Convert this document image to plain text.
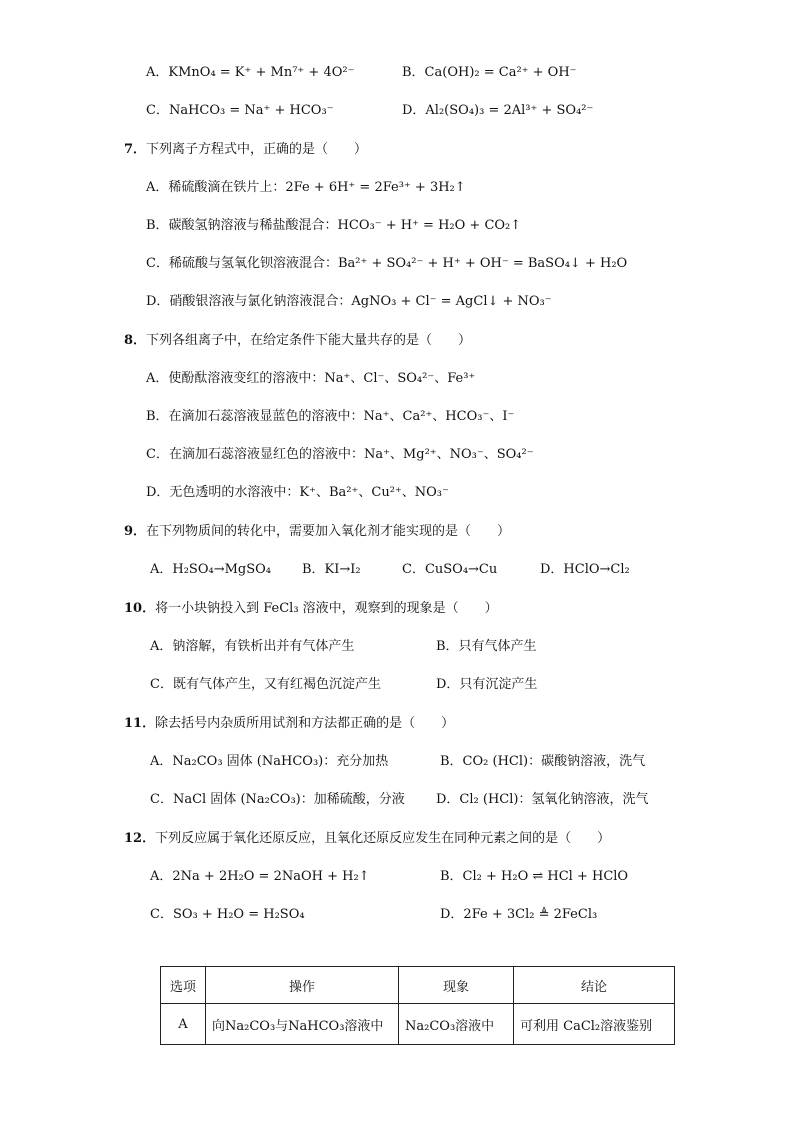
A．KMnO₄ = K⁺ + Mn⁷⁺ + 4O²⁻	B．Ca(OH)₂ = Ca²⁺ + OH⁻
C．NaHCO₃ = Na⁺ + HCO₃⁻	D．Al₂(SO₄)₃ = 2Al³⁺ + SO₄²⁻
7．下列离子方程式中，正确的是（　　）
A．稀硫酸滴在铁片上：2Fe + 6H⁺ = 2Fe³⁺ + 3H₂↑
B．碳酸氢钠溶液与稀盐酸混合：HCO₃⁻ + H⁺ = H₂O + CO₂↑
C．稀硫酸与氢氧化钡溶液混合：Ba²⁺ + SO₄²⁻ + H⁺ + OH⁻ = BaSO₄↓ + H₂O
D．硝酸银溶液与氯化钠溶液混合：AgNO₃ + Cl⁻ = AgCl↓ + NO₃⁻
8．下列各组离子中，在给定条件下能大量共存的是（　　）
A．使酚酞溶液变红的溶液中：Na⁺、Cl⁻、SO₄²⁻、Fe³⁺
B．在滴加石蕊溶液显蓝色的溶液中：Na⁺、Ca²⁺、HCO₃⁻、I⁻
C．在滴加石蕊溶液显红色的溶液中：Na⁺、Mg²⁺、NO₃⁻、SO₄²⁻
D．无色透明的水溶液中：K⁺、Ba²⁺、Cu²⁺、NO₃⁻
9．在下列物质间的转化中，需要加入氧化剂才能实现的是（　　）
A．H₂SO₄→MgSO₄ B．KI→I₂	C．CuSO₄→Cu	D．HClO→Cl₂
10．将一小块钠投入到 FeCl₃ 溶液中，观察到的现象是（　　）
A．钠溶解，有铁析出并有气体产生	B．只有气体产生
C．既有气体产生，又有红褐色沉淀产生	D．只有沉淀产生
11．除去括号内杂质所用试剂和方法都正确的是（　　）
A．Na₂CO₃ 固体 (NaHCO₃)：充分加热	B．CO₂ (HCl)：碳酸钠溶液，洗气
C．NaCl 固体 (Na₂CO₃)：加稀硫酸，分液 D．Cl₂ (HCl)：氢氧化钠溶液，洗气
12．下列反应属于氧化还原反应，且氧化还原反应发生在同种元素之间的是（　　）
A．2Na + 2H₂O = 2NaOH + H₂↑	B．Cl₂ + H₂O ⇌ HCl + HClO
C．SO₃ + H₂O = H₂SO₄	D．2Fe + 3Cl₂ ≜ 2FeCl₃
选项	操作	现象	结论
A	向Na₂CO₃与NaHCO₃溶液中	Na₂CO₃溶液中	可利用 CaCl₂溶液鉴别
